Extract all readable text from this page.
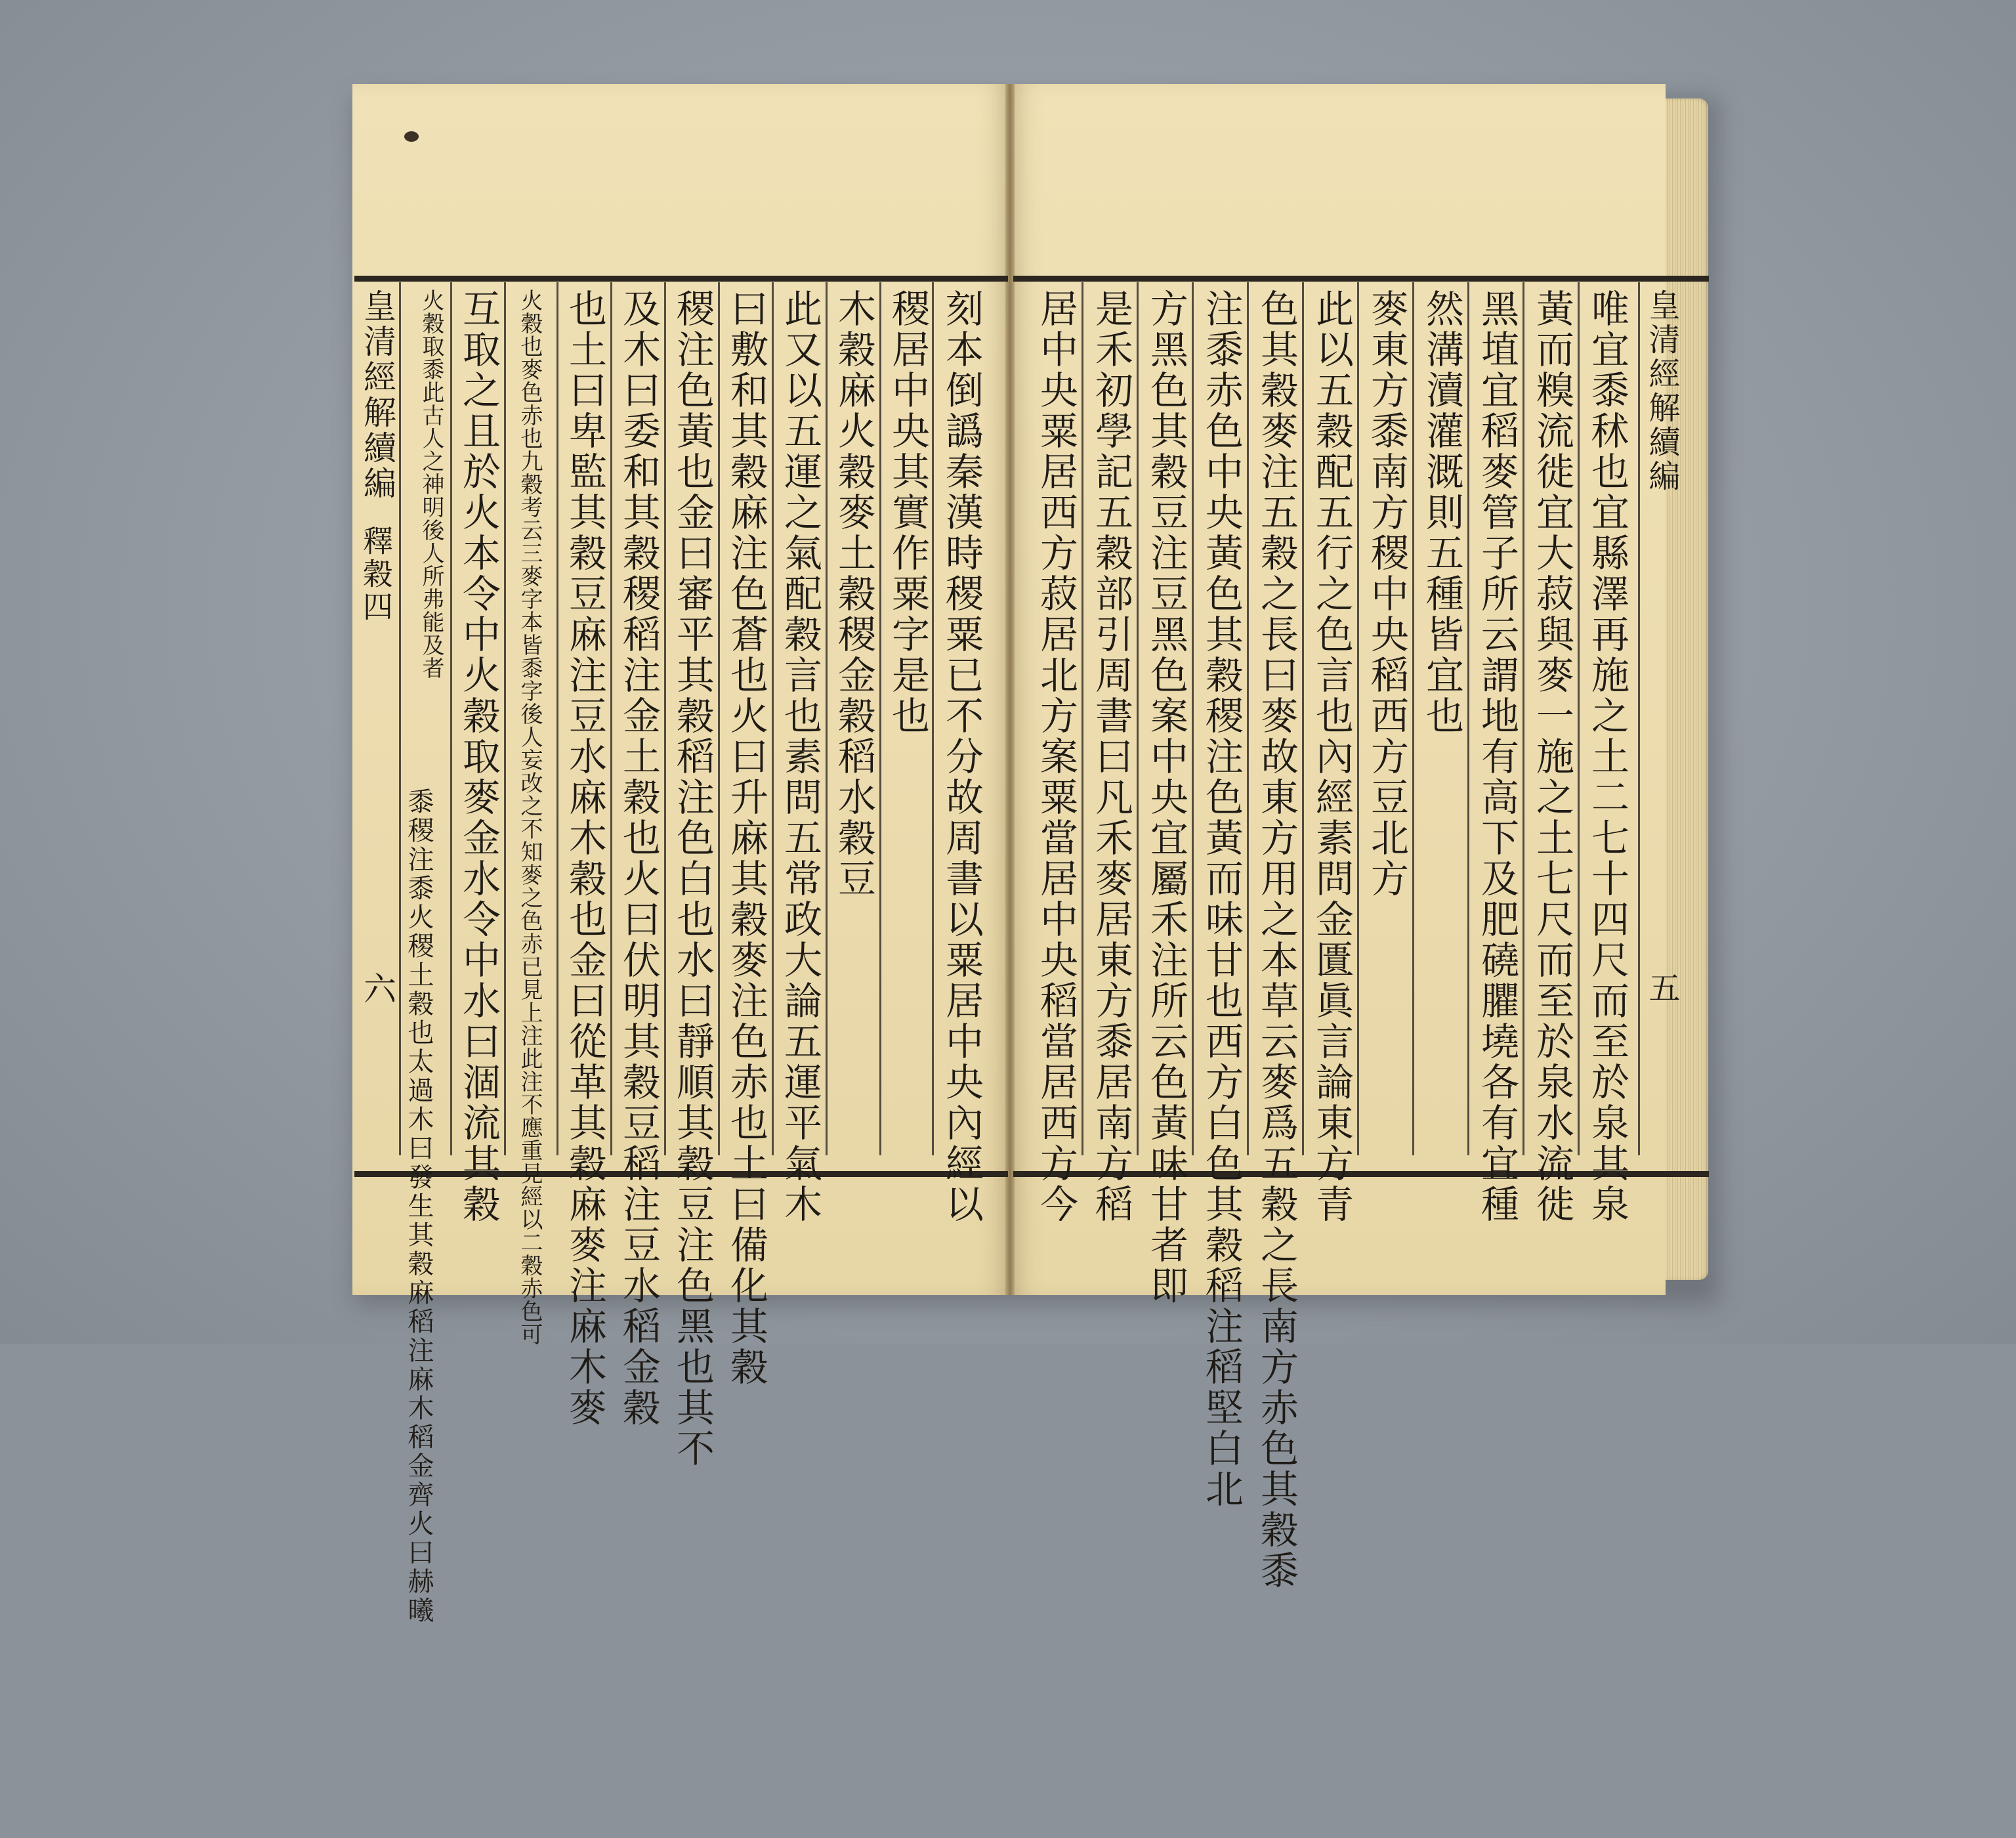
皇清經解續編
釋穀四
六	刻本倒譌秦漢時稷粟已不分故周書以粟居中央內經以
稷居中央其實作粟字是也
木穀麻火穀麥土穀稷金穀稻水穀豆
此又以五運之氣配穀言也素問五常政大論五運平氣木
曰敷和其穀麻注色蒼也火曰升麻其穀麥注色赤也土曰備化其穀
稷注色黃也金曰審平其穀稻注色白也水曰靜順其穀豆注色黑也其不
及木曰委和其穀稷稻注金土穀也火曰伏明其穀豆稻注豆水稻金穀
也土曰卑監其穀豆麻注豆水麻木穀也金曰從革其穀麻麥注麻木麥
火穀也麥色赤也九穀考云三麥字本皆黍字後人妄改之不知麥之色赤已見上注此注不應重見經以二穀赤色可
互取之且於火本令中火穀取麥金水令中水曰涸流其穀
火穀取黍此古人之神明後人所弗能及者
黍稷注黍火稷土穀也太過木曰發生其穀麻稻注麻木稻金齊火曰赫曦	唯宜黍秫也宜縣澤再施之土二七十四尺而至於泉其泉
黃而糗流徙宜大菽與麥一施之土七尺而至於泉水流徙
黑埴宜稻麥管子所云謂地有高下及肥磽臞墝各有宜種
然溝瀆灌溉則五種皆宜也
麥東方黍南方稷中央稻西方豆北方
此以五穀配五行之色言也內經素問金匱眞言論東方青
色其穀麥注五穀之長曰麥故東方用之本草云麥爲五穀之長南方赤色其穀黍
注黍赤色中央黃色其穀稷注色黃而味甘也西方白色其穀稻注稻堅白北
方黑色其穀豆注豆黑色案中央宜屬禾注所云色黃味甘者即
是禾初學記五穀部引周書曰凡禾麥居東方黍居南方稻
居中央粟居西方菽居北方案粟當居中央稻當居西方今	皇清經解續編
五
